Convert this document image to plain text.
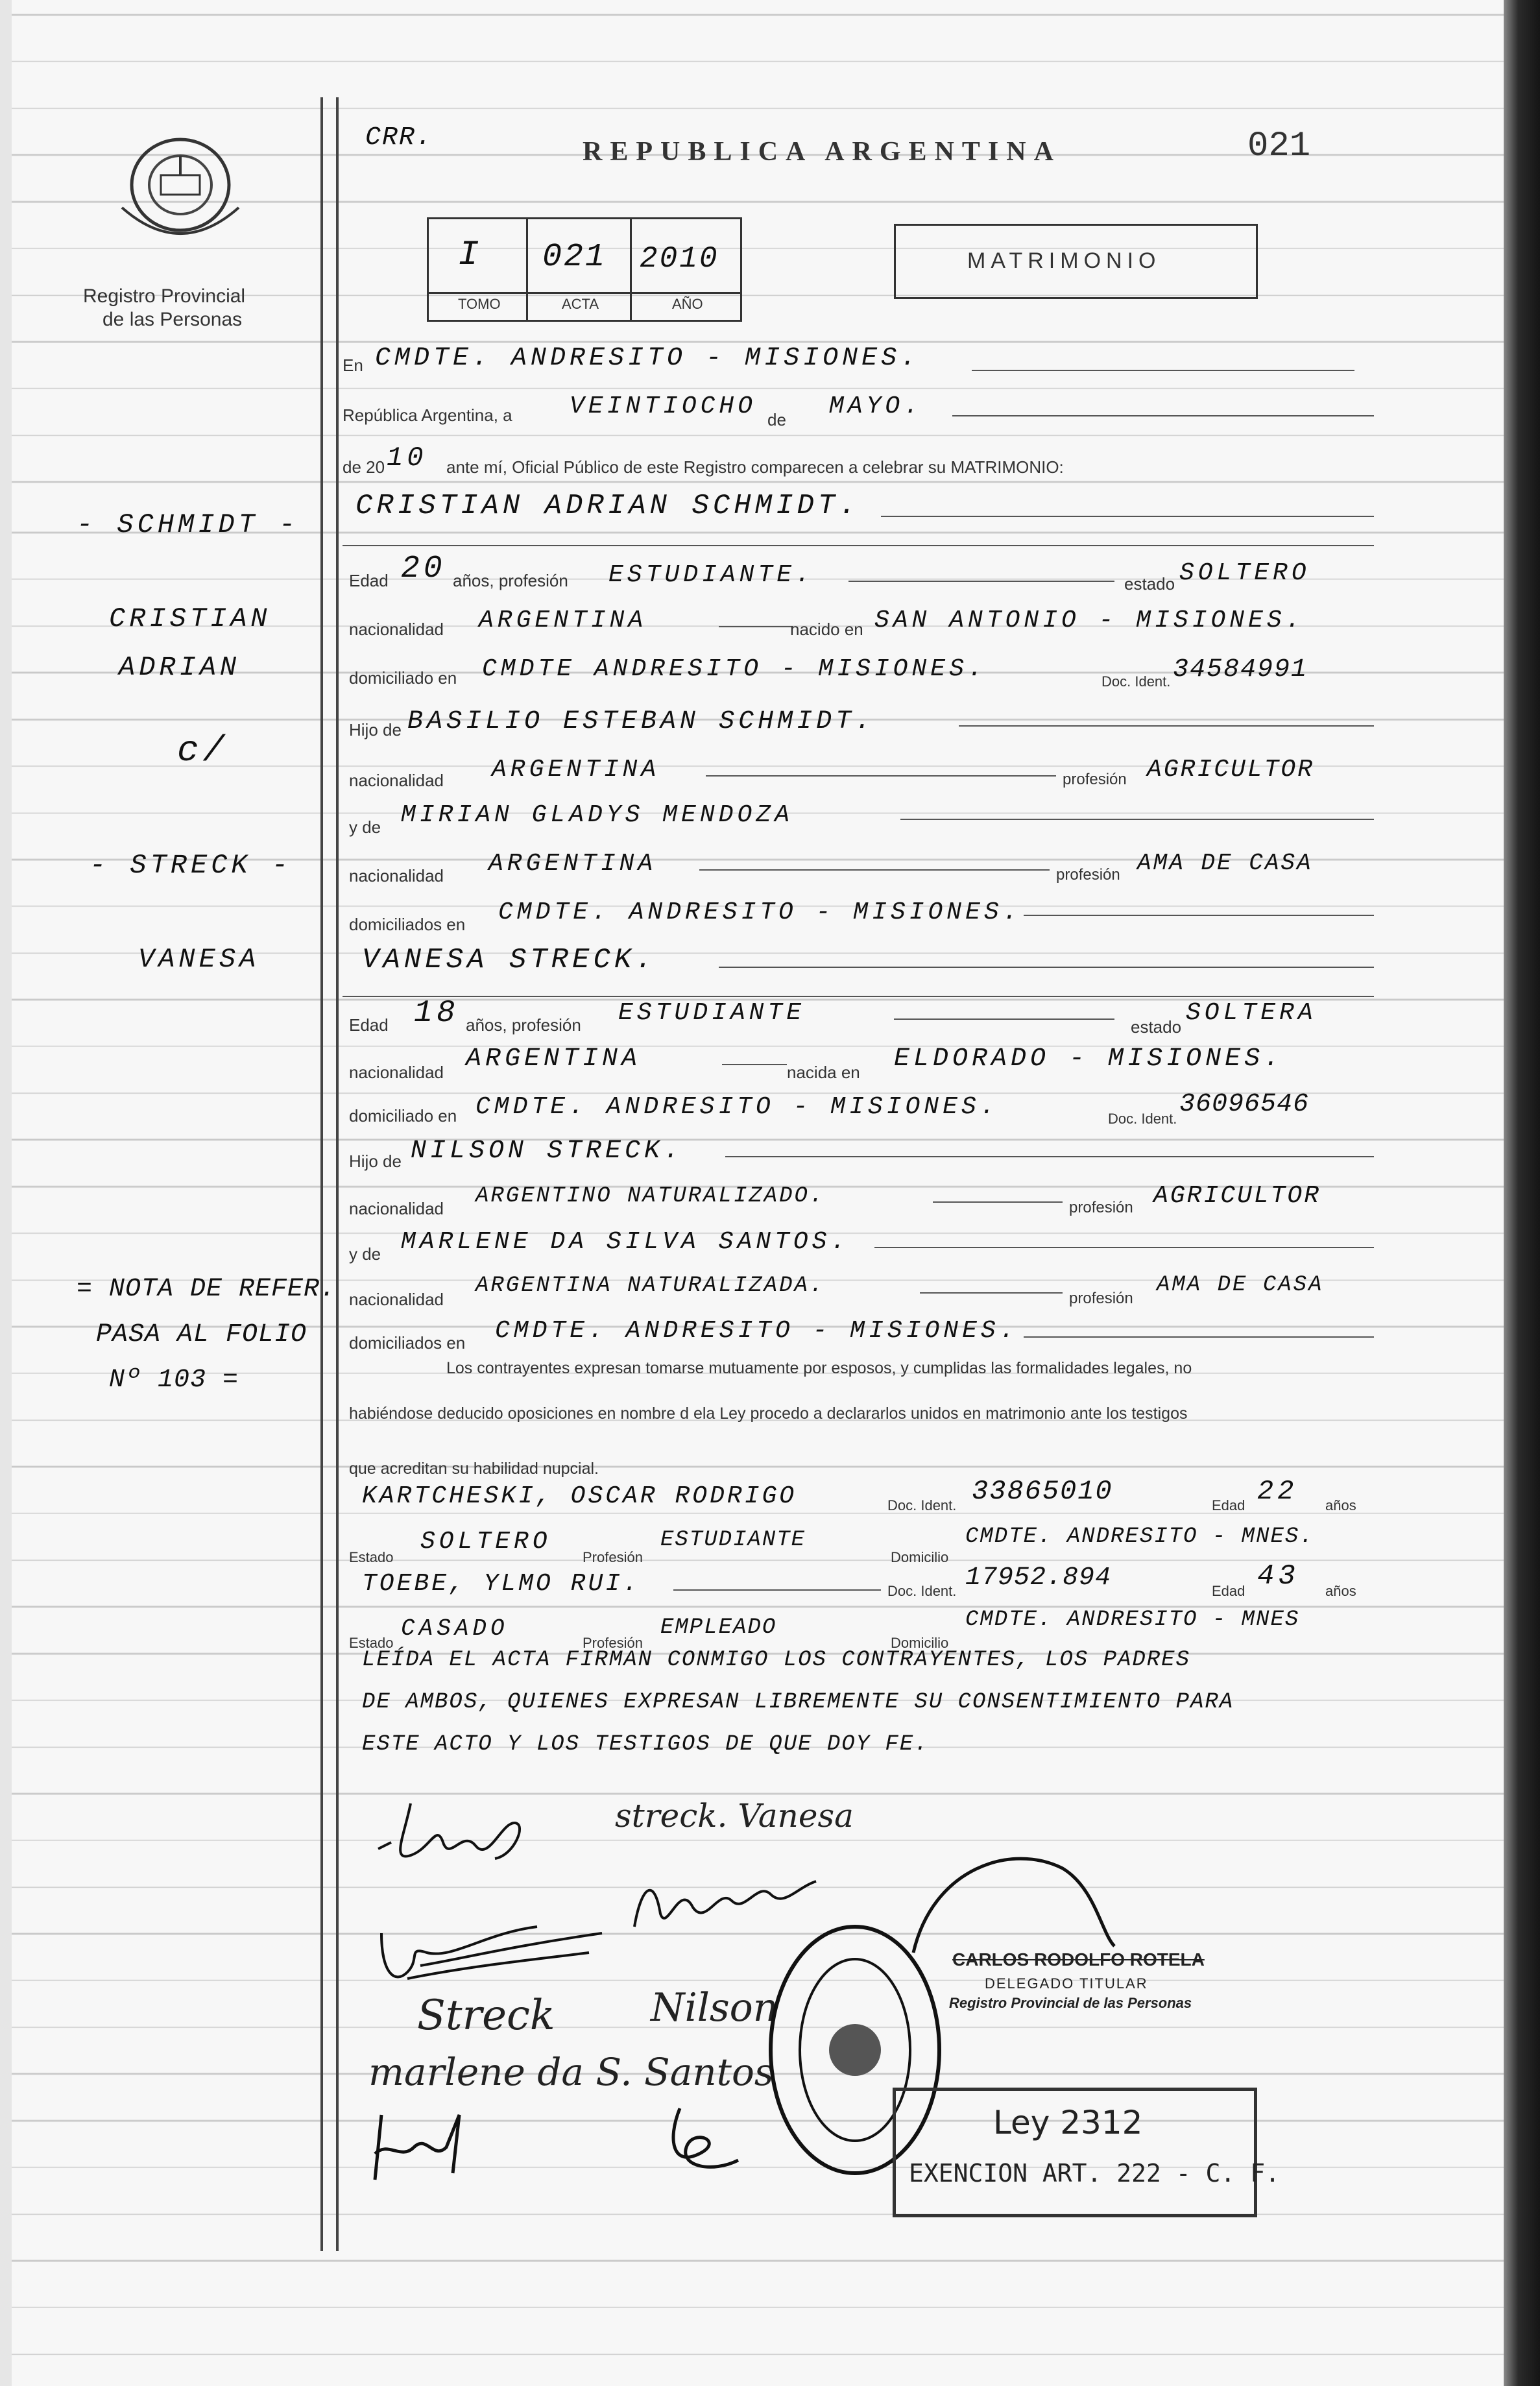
Registro Provincial
de las Personas
CRR.	REPUBLICA ARGENTINA	021
I 021 2010
TOMO	ACTA	AÑO
MATRIMONIO
En CMDTE. ANDRESITO - MISIONES.
República Argentina, a VEINTIOCHO de MAYO.
de 20 10 ante mí, Oficial Público de este Registro comparecen a celebrar su MATRIMONIO:
CRISTIAN ADRIAN SCHMIDT.
Edad 20 años, profesión ESTUDIANTE.	estado SOLTERO
nacionalidad ARGENTINA	nacido en SAN ANTONIO - MISIONES.
domiciliado en CMDTE ANDRESITO - MISIONES.	Doc. Ident. 34584991
Hijo de BASILIO ESTEBAN SCHMIDT.
nacionalidad ARGENTINA	profesión AGRICULTOR
y de MIRIAN GLADYS MENDOZA
nacionalidad ARGENTINA	profesión AMA DE CASA
domiciliados en CMDTE. ANDRESITO - MISIONES.
VANESA STRECK.
Edad 18 años, profesión ESTUDIANTE	estado SOLTERA
nacionalidad ARGENTINA	nacida en ELDORADO - MISIONES.
domiciliado en CMDTE. ANDRESITO - MISIONES.	Doc. Ident. 36096546
Hijo de NILSON STRECK.
nacionalidad ARGENTINO NATURALIZADO.	profesión AGRICULTOR
y de MARLENE DA SILVA SANTOS.
nacionalidad
ARGENTINA NATURALIZADA.
profesión
AMA DE CASA
domiciliados en CMDTE. ANDRESITO - MISIONES.
Los contrayentes expresan tomarse mutuamente por esposos, y cumplidas las formalidades legales, no
habiéndose deducido oposiciones en nombre d ela Ley procedo a declararlos unidos en matrimonio ante los testigos
que acreditan su habilidad nupcial.
KARTCHESKI, OSCAR RODRIGO	Doc. Ident. 33865010	Edad 22 años
Estado
SOLTERO
Profesión
ESTUDIANTE
Domicilio
CMDTE. ANDRESITO - MNES.
TOEBE, YLMO RUI.	Doc. Ident. 17952.894	Edad 43 años
Estado
CASADO
Profesión
EMPLEADO
Domicilio
CMDTE. ANDRESITO - MNES
LEÍDA EL ACTA FIRMAN CONMIGO LOS CONTRAYENTES, LOS PADRES
DE AMBOS, QUIENES EXPRESAN LIBREMENTE SU CONSENTIMIENTO PARA
ESTE ACTO Y LOS TESTIGOS DE QUE DOY FE.
- SCHMIDT -
CRISTIAN
ADRIAN
c/
- STRECK -
VANESA
= NOTA DE REFER.
PASA AL FOLIO
Nº 103 =
streck. Vanesa
Streck Nilson
marlene da S. Santos
CARLOS RODOLFO ROTELA
DELEGADO TITULAR
Registro Provincial de las Personas
Ley 2312
EXENCION ART. 222 - C. F.
